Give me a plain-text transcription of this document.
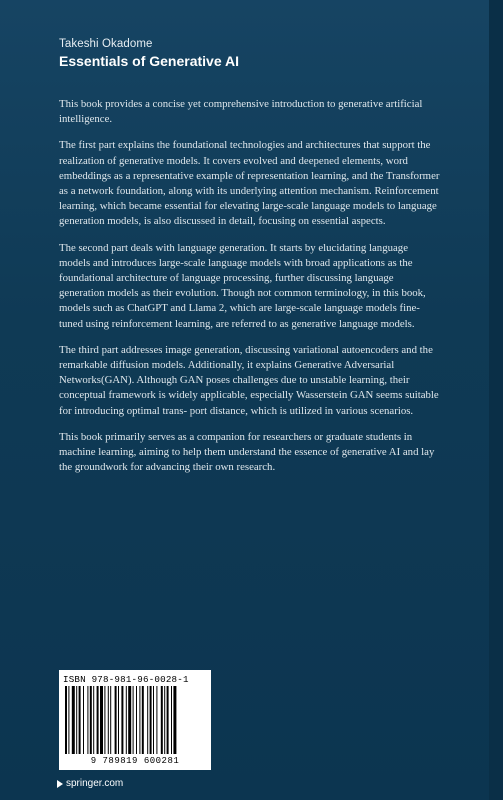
Takeshi Okadome
Essentials of Generative AI

This book provides a concise yet comprehensive introduction to generative artificial intelligence.

The first part explains the foundational technologies and architectures that support the realization of generative models. It covers evolved and deepened elements, word embeddings as a representative example of representation learning, and the Transformer as a network foundation, along with its underlying attention mechanism. Reinforcement learning, which became essential for elevating large-scale language models to language generation models, is also discussed in detail, focusing on essential aspects.

The second part deals with language generation. It starts by elucidating language models and introduces large-scale language models with broad applications as the foundational architecture of language processing, further discussing language generation models as their evolution. Though not common terminology, in this book, models such as ChatGPT and Llama 2, which are large-scale language models fine-tuned using reinforcement learning, are referred to as generative language models.

The third part addresses image generation, discussing variational autoencoders and the remarkable diffusion models. Additionally, it explains Generative Adversarial Networks(GAN). Although GAN poses challenges due to unstable learning, their conceptual framework is widely applicable, especially Wasserstein GAN seems suitable for introducing optimal trans- port distance, which is utilized in various scenarios.

This book primarily serves as a companion for researchers or graduate students in machine learning, aiming to help them understand the essence of generative AI and lay the groundwork for advancing their own research.

ISBN 978-981-96-0028-1
9 789819 600281
springer.com
